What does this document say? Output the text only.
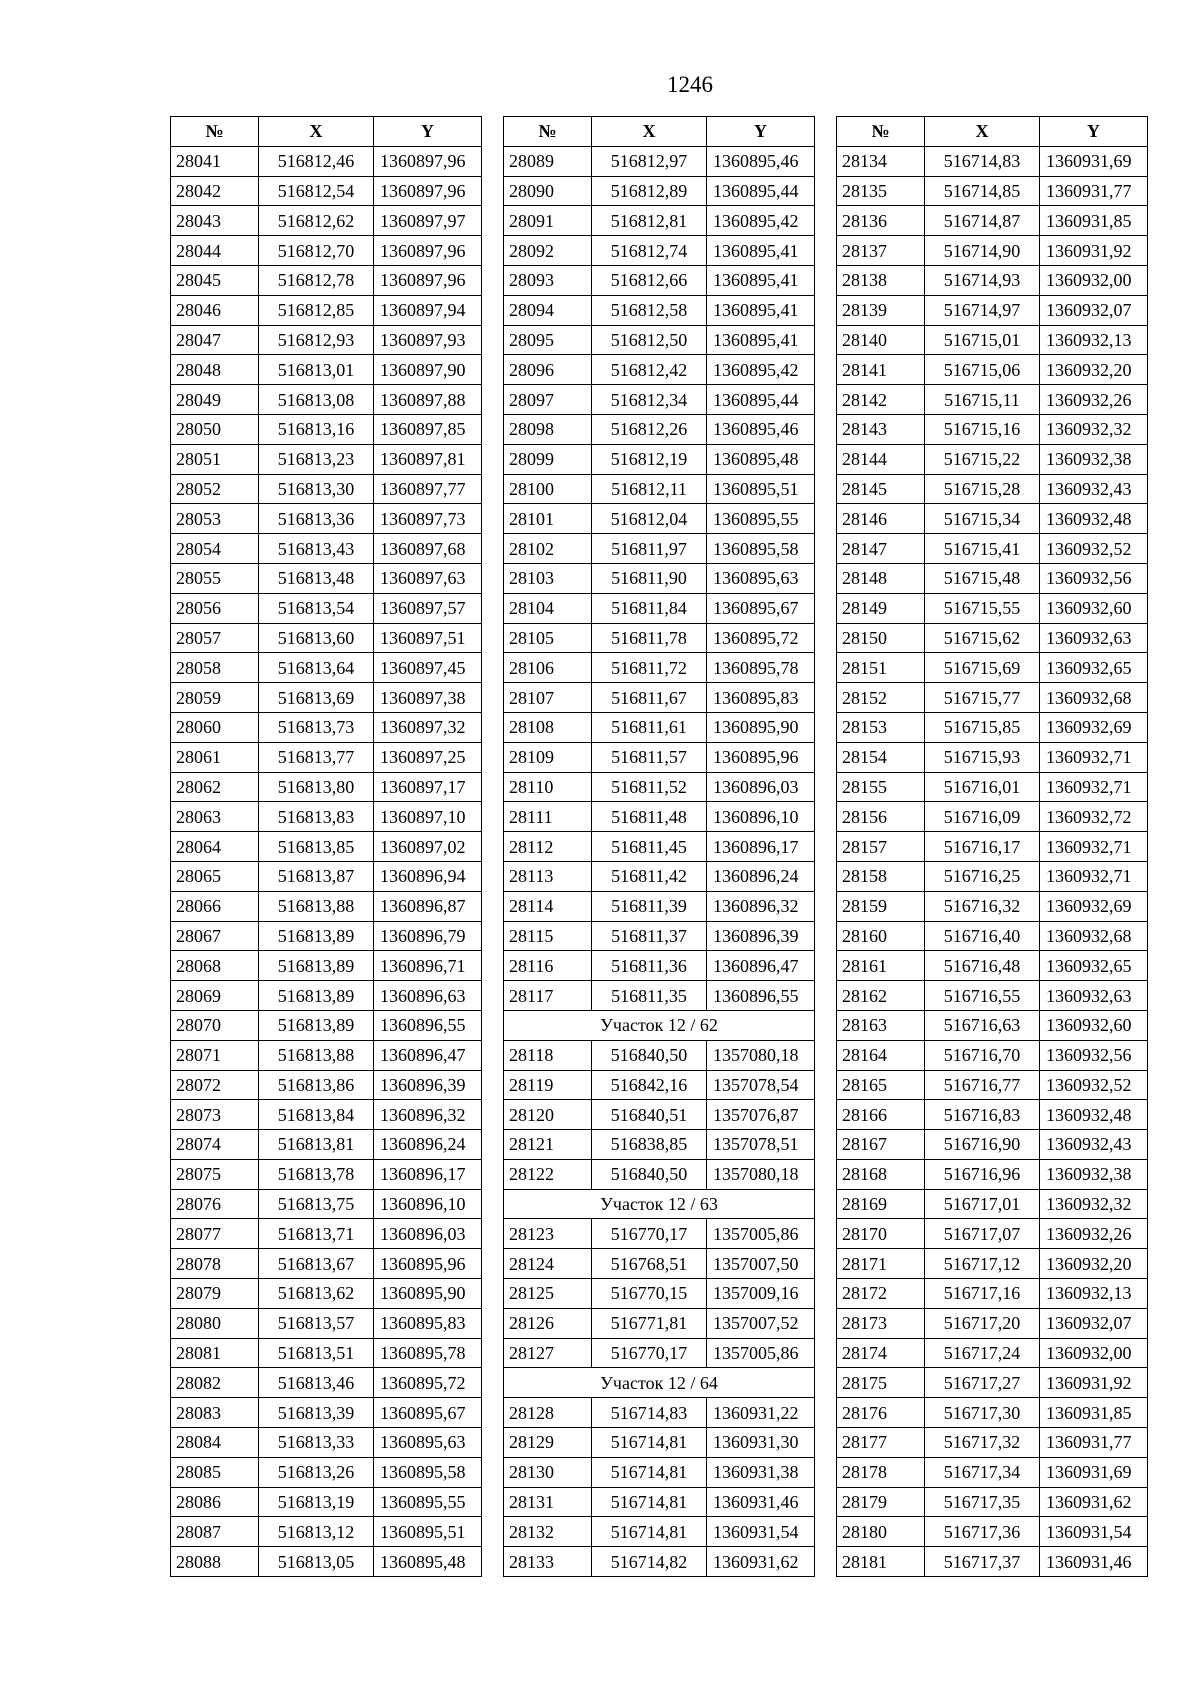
1246
№	X	Y
28041	516812,46	1360897,96
28042	516812,54	1360897,96
28043	516812,62	1360897,97
28044	516812,70	1360897,96
28045	516812,78	1360897,96
28046	516812,85	1360897,94
28047	516812,93	1360897,93
28048	516813,01	1360897,90
28049	516813,08	1360897,88
28050	516813,16	1360897,85
28051	516813,23	1360897,81
28052	516813,30	1360897,77
28053	516813,36	1360897,73
28054	516813,43	1360897,68
28055	516813,48	1360897,63
28056	516813,54	1360897,57
28057	516813,60	1360897,51
28058	516813,64	1360897,45
28059	516813,69	1360897,38
28060	516813,73	1360897,32
28061	516813,77	1360897,25
28062	516813,80	1360897,17
28063	516813,83	1360897,10
28064	516813,85	1360897,02
28065	516813,87	1360896,94
28066	516813,88	1360896,87
28067	516813,89	1360896,79
28068	516813,89	1360896,71
28069	516813,89	1360896,63
28070	516813,89	1360896,55
28071	516813,88	1360896,47
28072	516813,86	1360896,39
28073	516813,84	1360896,32
28074	516813,81	1360896,24
28075	516813,78	1360896,17
28076	516813,75	1360896,10
28077	516813,71	1360896,03
28078	516813,67	1360895,96
28079	516813,62	1360895,90
28080	516813,57	1360895,83
28081	516813,51	1360895,78
28082	516813,46	1360895,72
28083	516813,39	1360895,67
28084	516813,33	1360895,63
28085	516813,26	1360895,58
28086	516813,19	1360895,55
28087	516813,12	1360895,51
28088	516813,05	1360895,48
№	X	Y
28089	516812,97	1360895,46
28090	516812,89	1360895,44
28091	516812,81	1360895,42
28092	516812,74	1360895,41
28093	516812,66	1360895,41
28094	516812,58	1360895,41
28095	516812,50	1360895,41
28096	516812,42	1360895,42
28097	516812,34	1360895,44
28098	516812,26	1360895,46
28099	516812,19	1360895,48
28100	516812,11	1360895,51
28101	516812,04	1360895,55
28102	516811,97	1360895,58
28103	516811,90	1360895,63
28104	516811,84	1360895,67
28105	516811,78	1360895,72
28106	516811,72	1360895,78
28107	516811,67	1360895,83
28108	516811,61	1360895,90
28109	516811,57	1360895,96
28110	516811,52	1360896,03
28111	516811,48	1360896,10
28112	516811,45	1360896,17
28113	516811,42	1360896,24
28114	516811,39	1360896,32
28115	516811,37	1360896,39
28116	516811,36	1360896,47
28117	516811,35	1360896,55
Участок 12 / 62		
28118	516840,50	1357080,18
28119	516842,16	1357078,54
28120	516840,51	1357076,87
28121	516838,85	1357078,51
28122	516840,50	1357080,18
Участок 12 / 63		
28123	516770,17	1357005,86
28124	516768,51	1357007,50
28125	516770,15	1357009,16
28126	516771,81	1357007,52
28127	516770,17	1357005,86
Участок 12 / 64		
28128	516714,83	1360931,22
28129	516714,81	1360931,30
28130	516714,81	1360931,38
28131	516714,81	1360931,46
28132	516714,81	1360931,54
28133	516714,82	1360931,62
№	X	Y
28134	516714,83	1360931,69
28135	516714,85	1360931,77
28136	516714,87	1360931,85
28137	516714,90	1360931,92
28138	516714,93	1360932,00
28139	516714,97	1360932,07
28140	516715,01	1360932,13
28141	516715,06	1360932,20
28142	516715,11	1360932,26
28143	516715,16	1360932,32
28144	516715,22	1360932,38
28145	516715,28	1360932,43
28146	516715,34	1360932,48
28147	516715,41	1360932,52
28148	516715,48	1360932,56
28149	516715,55	1360932,60
28150	516715,62	1360932,63
28151	516715,69	1360932,65
28152	516715,77	1360932,68
28153	516715,85	1360932,69
28154	516715,93	1360932,71
28155	516716,01	1360932,71
28156	516716,09	1360932,72
28157	516716,17	1360932,71
28158	516716,25	1360932,71
28159	516716,32	1360932,69
28160	516716,40	1360932,68
28161	516716,48	1360932,65
28162	516716,55	1360932,63
28163	516716,63	1360932,60
28164	516716,70	1360932,56
28165	516716,77	1360932,52
28166	516716,83	1360932,48
28167	516716,90	1360932,43
28168	516716,96	1360932,38
28169	516717,01	1360932,32
28170	516717,07	1360932,26
28171	516717,12	1360932,20
28172	516717,16	1360932,13
28173	516717,20	1360932,07
28174	516717,24	1360932,00
28175	516717,27	1360931,92
28176	516717,30	1360931,85
28177	516717,32	1360931,77
28178	516717,34	1360931,69
28179	516717,35	1360931,62
28180	516717,36	1360931,54
28181	516717,37	1360931,46
